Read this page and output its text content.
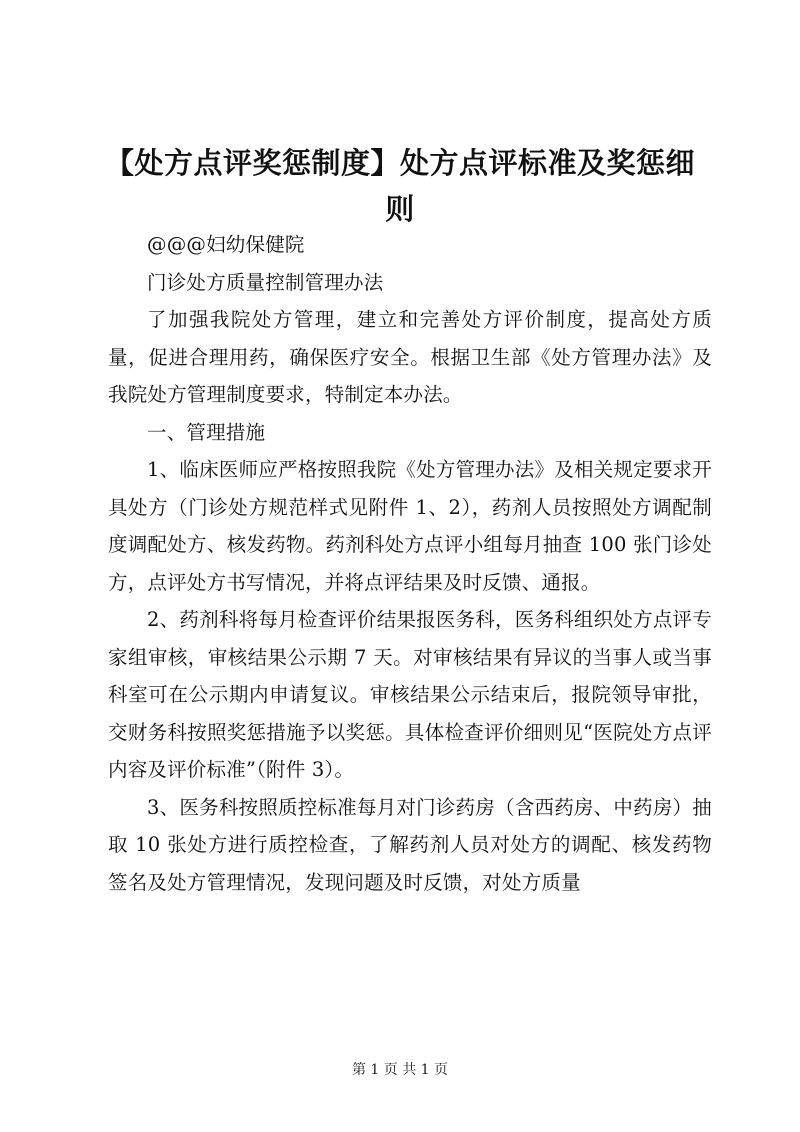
【处方点评奖惩制度】处方点评标准及奖惩细则

@@@妇幼保健院

门诊处方质量控制管理办法

了加强我院处方管理，建立和完善处方评价制度，提高处方质量，促进合理用药，确保医疗安全。根据卫生部《处方管理办法》及我院处方管理制度要求，特制定本办法。

一、管理措施

1、临床医师应严格按照我院《处方管理办法》及相关规定要求开具处方（门诊处方规范样式见附件 1、2），药剂人员按照处方调配制度调配处方、核发药物。药剂科处方点评小组每月抽查 100 张门诊处方，点评处方书写情况，并将点评结果及时反馈、通报。

2、药剂科将每月检查评价结果报医务科，医务科组织处方点评专家组审核，审核结果公示期 7 天。对审核结果有异议的当事人或当事科室可在公示期内申请复议。审核结果公示结束后，报院领导审批，交财务科按照奖惩措施予以奖惩。具体检查评价细则见“医院处方点评内容及评价标准”（附件 3）。

3、医务科按照质控标准每月对门诊药房（含西药房、中药房）抽取 10 张处方进行质控检查，了解药剂人员对处方的调配、核发药物签名及处方管理情况，发现问题及时反馈，对处方质量

第 1 页 共 1 页
